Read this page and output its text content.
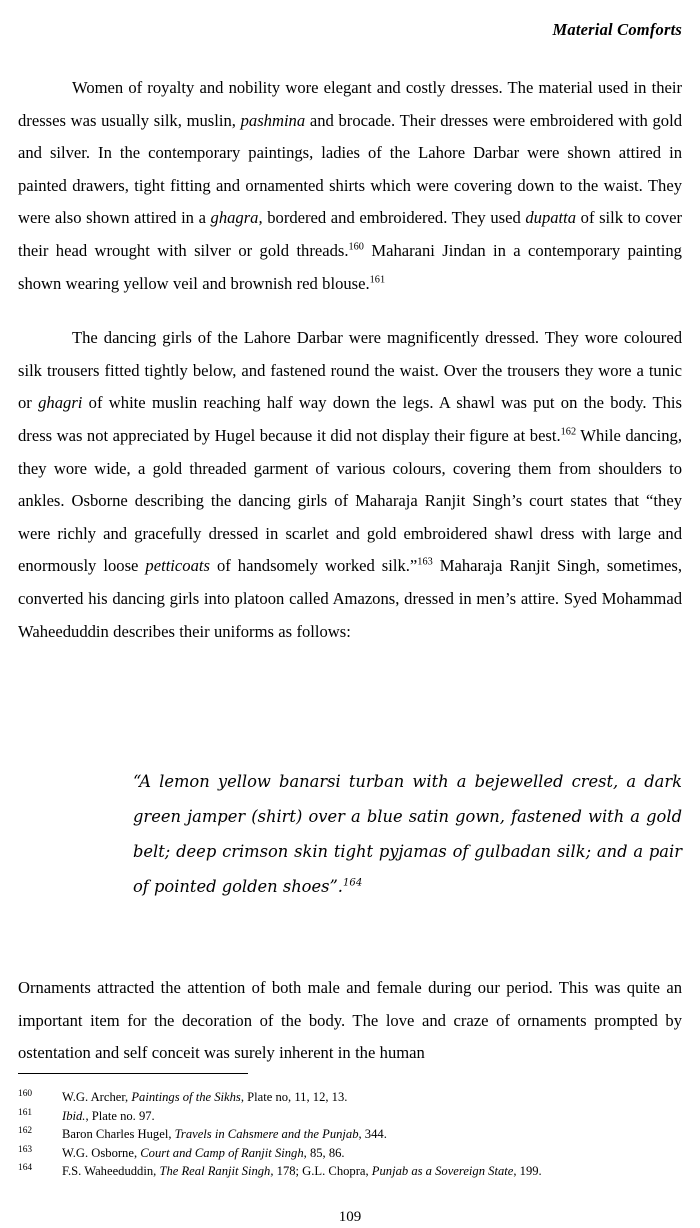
Material Comforts

Women of royalty and nobility wore elegant and costly dresses. The material used in their dresses was usually silk, muslin, pashmina and brocade. Their dresses were embroidered with gold and silver. In the contemporary paintings, ladies of the Lahore Darbar were shown attired in painted drawers, tight fitting and ornamented shirts which were covering down to the waist. They were also shown attired in a ghagra, bordered and embroidered. They used dupatta of silk to cover their head wrought with silver or gold threads.$^{160}$ Maharani Jindan in a contemporary painting shown wearing yellow veil and brownish red blouse.$^{161}$

The dancing girls of the Lahore Darbar were magnificently dressed. They wore coloured silk trousers fitted tightly below, and fastened round the waist. Over the trousers they wore a tunic or ghagri of white muslin reaching half way down the legs. A shawl was put on the body. This dress was not appreciated by Hugel because it did not display their figure at best.$^{162}$ While dancing, they wore wide, a gold threaded garment of various colours, covering them from shoulders to ankles. Osborne describing the dancing girls of Maharaja Ranjit Singh’s court states that “they were richly and gracefully dressed in scarlet and gold embroidered shawl dress with large and enormously loose petticoats of handsomely worked silk.”$^{163}$ Maharaja Ranjit Singh, sometimes, converted his dancing girls into platoon called Amazons, dressed in men’s attire. Syed Mohammad Waheeduddin describes their uniforms as follows:

“A lemon yellow banarsi turban with a bejewelled crest, a dark green jamper (shirt) over a blue satin gown, fastened with a gold belt; deep crimson skin tight pyjamas of gulbadan silk; and a pair of pointed golden shoes”.$^{164}$

Ornaments attracted the attention of both male and female during our period. This was quite an important item for the decoration of the body. The love and craze of ornaments prompted by ostentation and self conceit was surely inherent in the human

160	W.G. Archer, Paintings of the Sikhs, Plate no, 11, 12, 13.
161	Ibid., Plate no. 97.
162	Baron Charles Hugel, Travels in Cahsmere and the Punjab, 344.
163	W.G. Osborne, Court and Camp of Ranjit Singh, 85, 86.
164	F.S. Waheeduddin, The Real Ranjit Singh, 178; G.L. Chopra, Punjab as a Sovereign State, 199.
109
